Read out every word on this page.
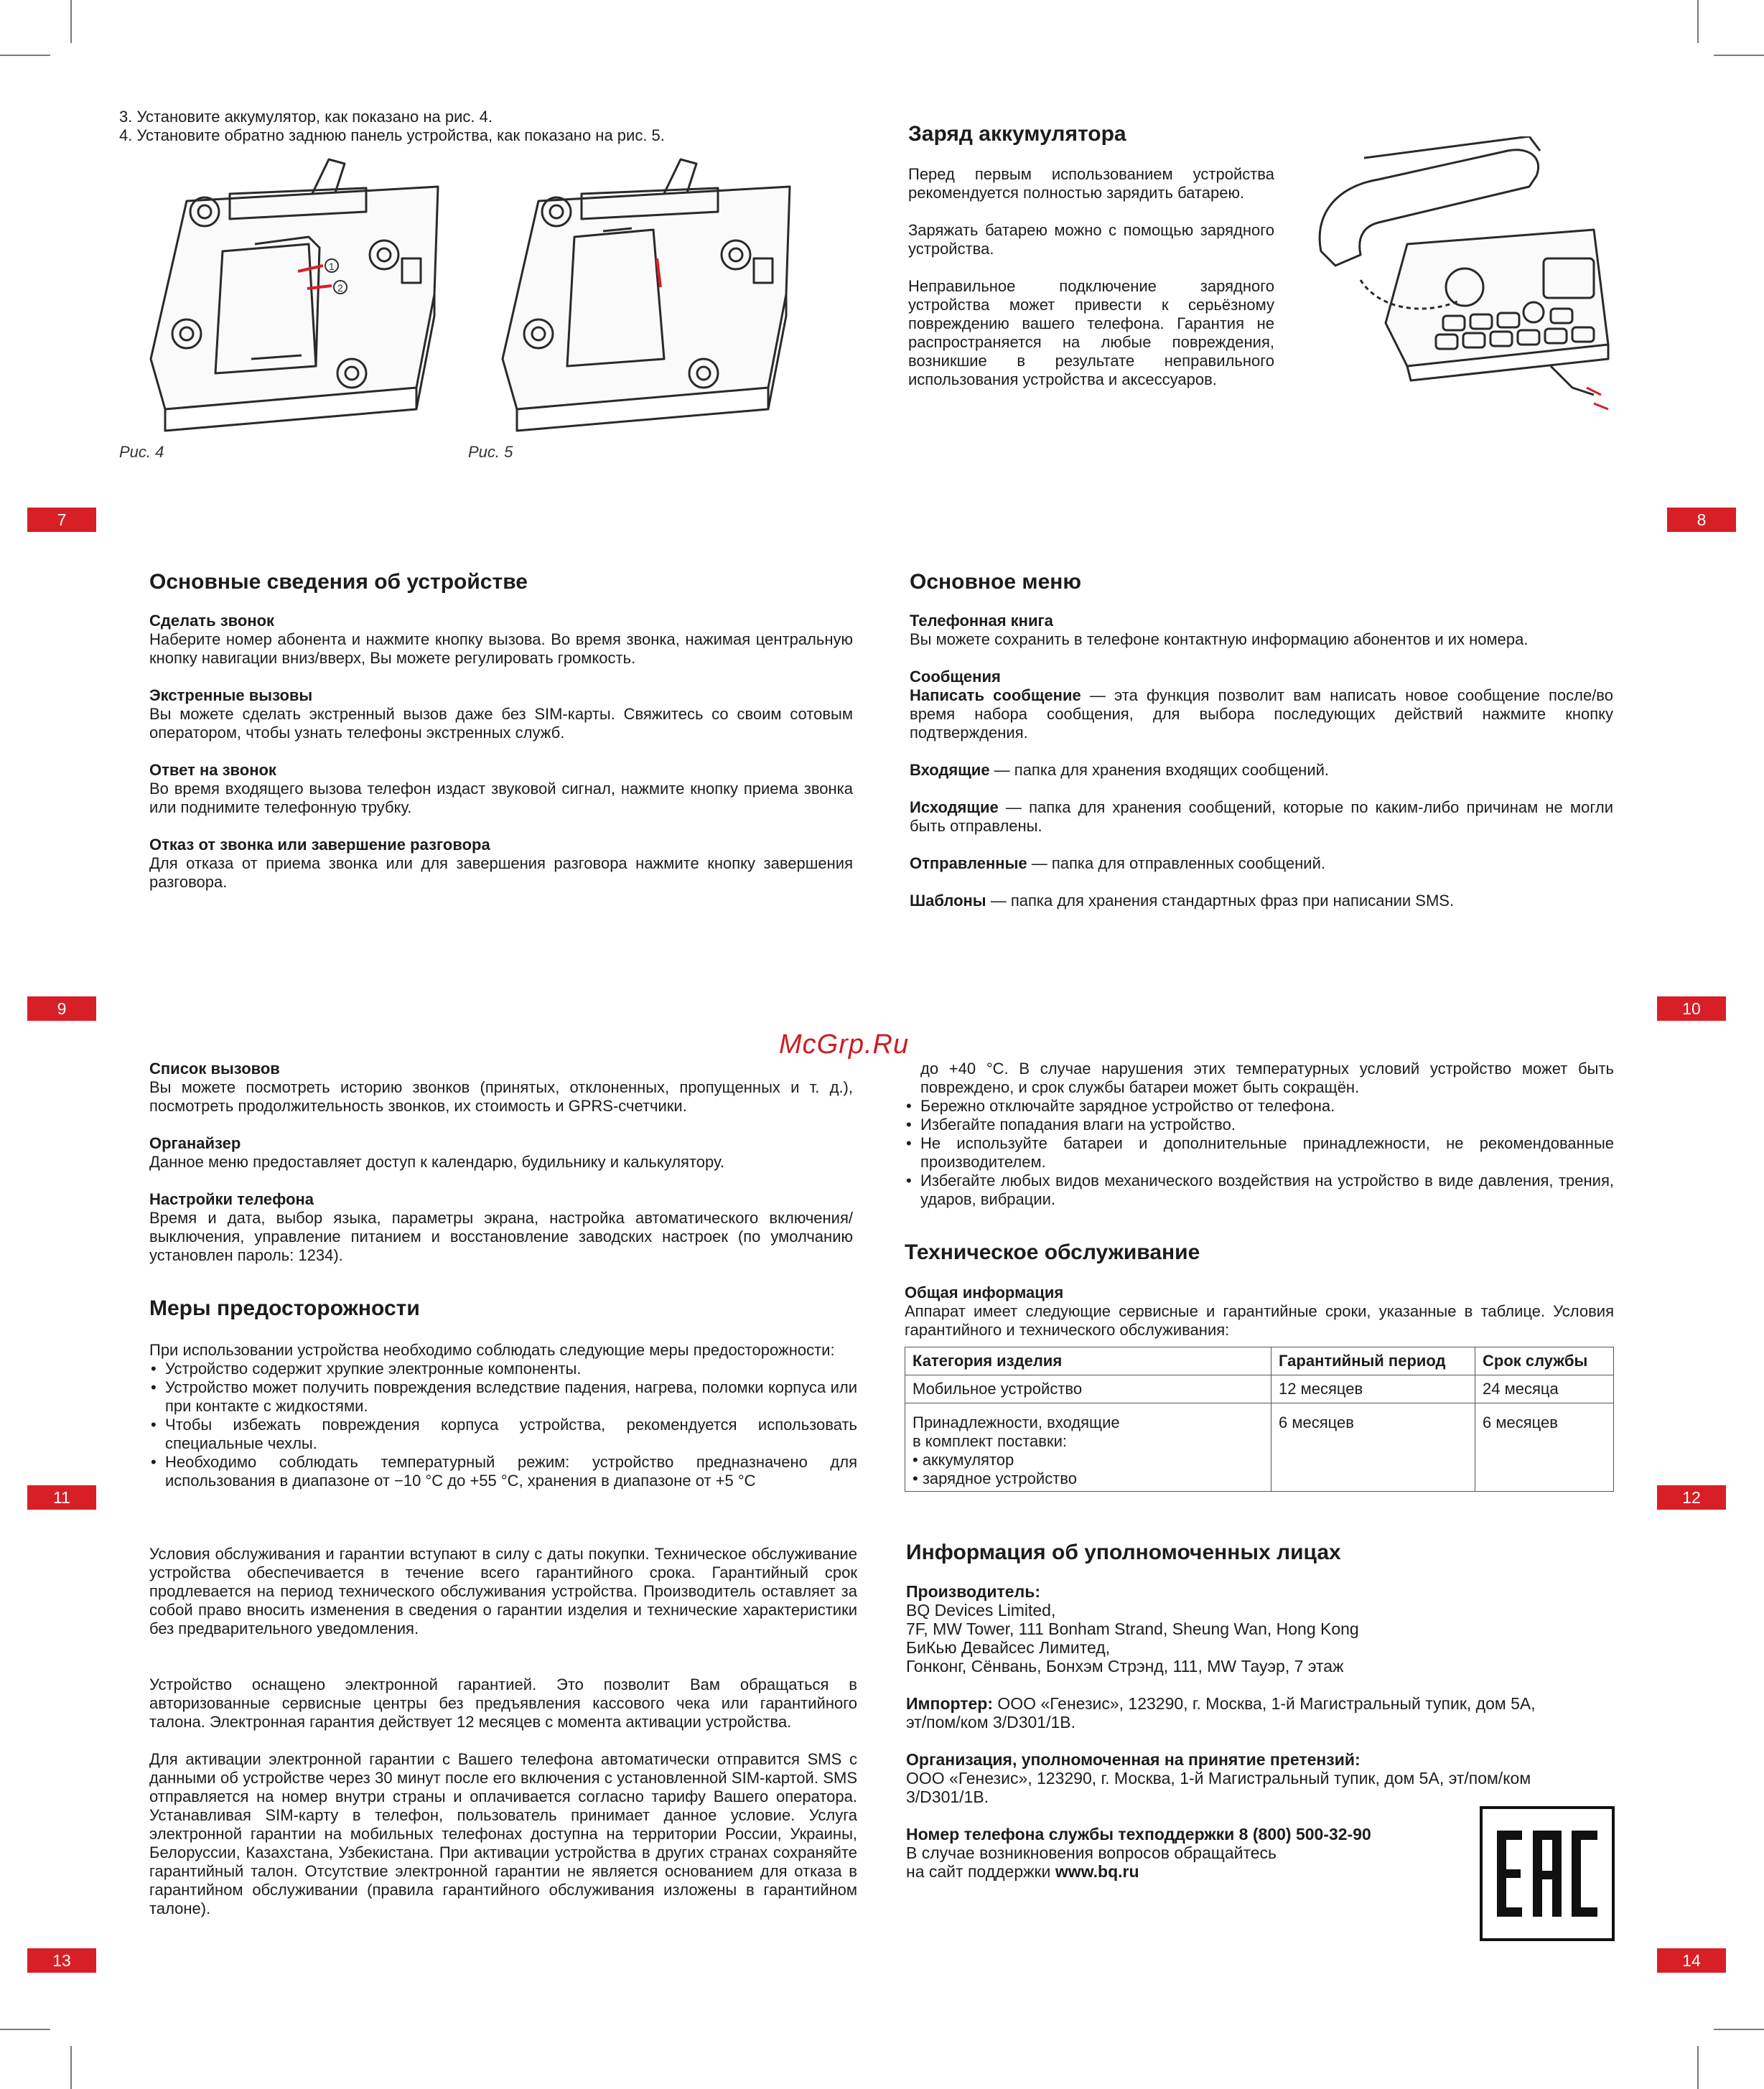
7	8
9	10
11	12
13	14

3. Установите аккумулятор, как показано на рис. 4.

4. Установите обратно заднюю панель устройства, как показано на рис. 5.

1
2
Рис. 4	Рис. 5
Заряд аккумулятора

Перед первым использованием устройства рекомендуется полностью зарядить батарею.

Заряжать батарею можно с помощью зарядного устройства.

Неправильное подключение зарядного устройства может привести к серьёзному повреждению вашего телефона. Гарантия не распространяется на любые повреждения, возникшие в результате неправильного использования устройства и аксессуаров.

Основные сведения об устройстве

Сделать звонок

Наберите номер абонента и нажмите кнопку вызова. Во время звонка, нажимая центральную кнопку навигации вниз/вверх, Вы можете регулировать громкость.

Экстренные вызовы

Вы можете сделать экстренный вызов даже без SIM-карты. Свяжитесь со своим сотовым оператором, чтобы узнать телефоны экстренных служб.

Ответ на звонок

Во время входящего вызова телефон издаст звуковой сигнал, нажмите кнопку приема звонка или поднимите телефонную трубку.

Отказ от звонка или завершение разговора

Для отказа от приема звонка или для завершения разговора нажмите кнопку завершения разговора.

Основное меню

Телефонная книга

Вы можете сохранить в телефоне контактную информацию абонентов и их номера.

Сообщения

Написать сообщение — эта функция позволит вам написать новое сообщение после/во время набора сообщения, для выбора последующих действий нажмите кнопку подтверждения.

Входящие — папка для хранения входящих сообщений.

Исходящие — папка для хранения сообщений, которые по каким-либо причинам не могли быть отправлены.

Отправленные — папка для отправленных сообщений.

Шаблоны — папка для хранения стандартных фраз при написании SMS.

McGrp.Ru

Список вызовов

Вы можете посмотреть историю звонков (принятых, отклоненных, пропущенных и т. д.), посмотреть продолжительность звонков, их стоимость и GPRS-счетчики.

Органайзер

Данное меню предоставляет доступ к календарю, будильнику и калькулятору.

Настройки телефона

Время и дата, выбор языка, параметры экрана, настройка автоматического включения/выключения, управление питанием и восстановление заводских настроек (по умолчанию установлен пароль: 1234).

Меры предосторожности

При использовании устройства необходимо соблюдать следующие меры предосторожности:

• Устройство содержит хрупкие электронные компоненты.
• Устройство может получить повреждения вследствие падения, нагрева, поломки корпуса или при контакте с жидкостями.
• Чтобы избежать повреждения корпуса устройства, рекомендуется использовать специальные чехлы.
• Необходимо соблюдать температурный режим: устройство предназначено для использования в диапазоне от −10 °C до +55 °C, хранения в диапазоне от +5 °C

до +40 °C. В случае нарушения этих температурных условий устройство может быть повреждено, и срок службы батареи может быть сокращён.

• Бережно отключайте зарядное устройство от телефона.
• Избегайте попадания влаги на устройство.
• Не используйте батареи и дополнительные принадлежности, не рекомендованные производителем.
• Избегайте любых видов механического воздействия на устройство в виде давления, трения, ударов, вибрации.
Техническое обслуживание

Общая информация

Аппарат имеет следующие сервисные и гарантийные сроки, указанные в таблице. Условия гарантийного и технического обслуживания:

Категория изделия	Гарантийный период	Срок службы
Мобильное устройство	12 месяцев	24 месяца

Принадлежности, входящие
в комплект поставки:
• аккумулятор
• зарядное устройство	6 месяцев	6 месяцев

Условия обслуживания и гарантии вступают в силу с даты покупки. Техническое обслуживание устройства обеспечивается в течение всего гарантийного срока. Гарантийный срок продлевается на период технического обслуживания устройства. Производитель оставляет за собой право вносить изменения в сведения о гарантии изделия и технические характеристики без предварительного уведомления.

Устройство оснащено электронной гарантией. Это позволит Вам обращаться в авторизованные сервисные центры без предъявления кассового чека или гарантийного талона. Электронная гарантия действует 12 месяцев с момента активации устройства.

Для активации электронной гарантии с Вашего телефона автоматически отправится SMS с данными об устройстве через 30 минут после его включения с установленной SIM-картой. SMS отправляется на номер внутри страны и оплачивается согласно тарифу Вашего оператора. Устанавливая SIM-карту в телефон, пользователь принимает данное условие. Услуга электронной гарантии на мобильных телефонах доступна на территории России, Украины, Белоруссии, Казахстана, Узбекистана. При активации устройства в других странах сохраняйте гарантийный талон. Отсутствие электронной гарантии не является основанием для отказа в гарантийном обслуживании (правила гарантийного обслуживания изложены в гарантийном талоне).

Информация об уполномоченных лицах

Производитель:

BQ Devices Limited,

7F, MW Tower, 111 Bonham Strand, Sheung Wan, Hong Kong

БиКью Девайсес Лимитед,

Гонконг, Сёнвань, Бонхэм Стрэнд, 111, MW Тауэр, 7 этаж

Импортер: ООО «Генезис», 123290, г. Москва, 1-й Магистральный тупик, дом 5А, эт/пом/ком 3/D301/1B.

Организация, уполномоченная на принятие претензий:

ООО «Генезис», 123290, г. Москва, 1-й Магистральный тупик, дом 5А, эт/пом/ком 3/D301/1B.

Номер телефона службы техподдержки 8 (800) 500-32-90

В случае возникновения вопросов обращайтесь

на сайт поддержки www.bq.ru
